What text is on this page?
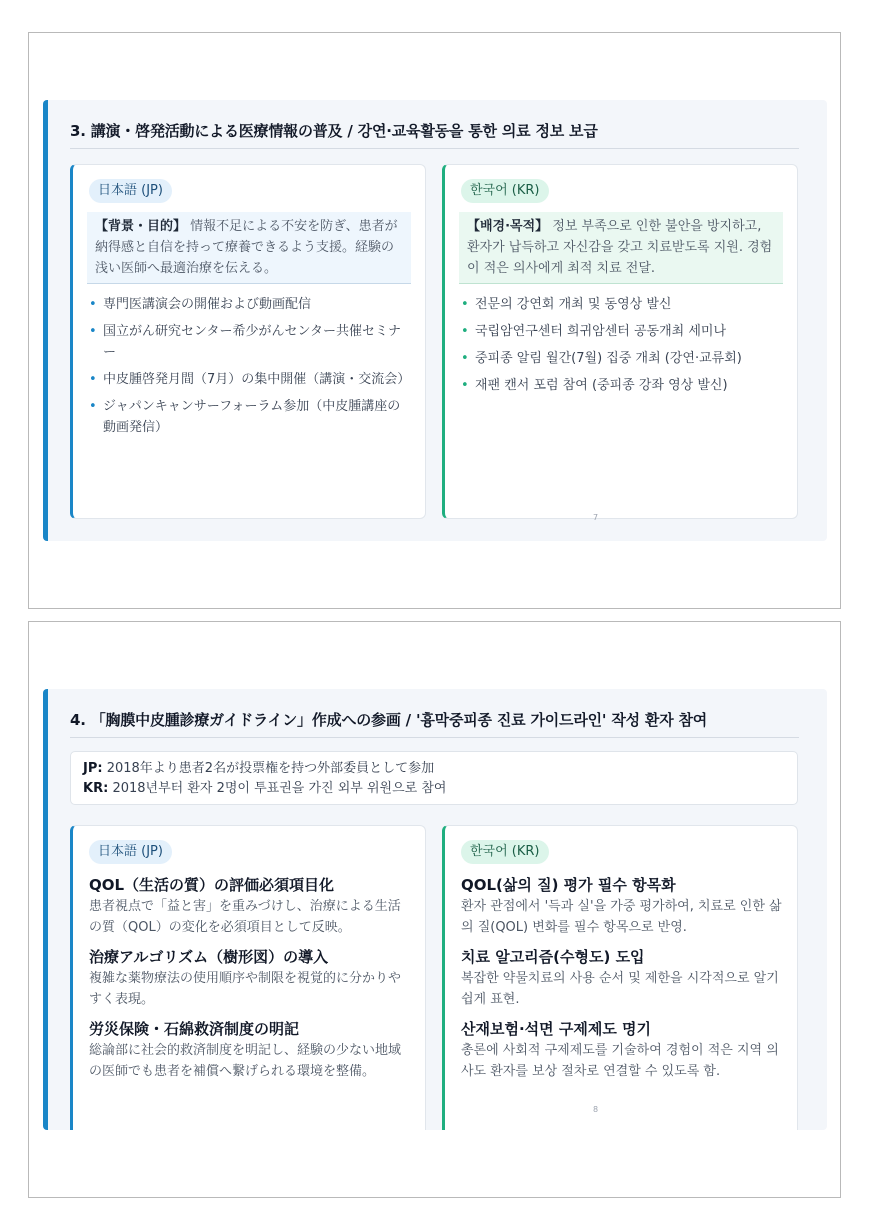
3. 講演・啓発活動による医療情報の普及 / 강연·교육활동을 통한 의료 정보 보급
日本語 (JP)
【背景・目的】 情報不足による不安を防ぎ、患者が納得感と自信を持って療養できるよう支援。経験の浅い医師へ最適治療を伝える。
• 専門医講演会の開催および動画配信
• 国立がん研究センター希少がんセンター共催セミナー
• 中皮腫啓発月間（7月）の集中開催（講演・交流会）
• ジャパンキャンサーフォーラム参加（中皮腫講座の動画発信）
한국어 (KR)
【배경·목적】 정보 부족으로 인한 불안을 방지하고, 환자가 납득하고 자신감을 갖고 치료받도록 지원. 경험이 적은 의사에게 최적 치료 전달.
• 전문의 강연회 개최 및 동영상 발신
• 국립암연구센터 희귀암센터 공동개최 세미나
• 중피종 알림 월간(7월) 집중 개최 (강연·교류회)
• 재팬 캔서 포럼 참여 (중피종 강좌 영상 발신)
7
4. 「胸膜中皮腫診療ガイドライン」作成への参画 / '흉막중피종 진료 가이드라인' 작성 환자 참여
JP: 2018年より患者2名が投票権を持つ外部委員として参加
KR: 2018년부터 환자 2명이 투표권을 가진 외부 위원으로 참여
日本語 (JP)
QOL（生活の質）の評価必須項目化
患者視点で「益と害」を重みづけし、治療による生活の質（QOL）の変化を必須項目として反映。
治療アルゴリズム（樹形図）の導入
複雑な薬物療法の使用順序や制限を視覚的に分かりやすく表現。
労災保険・石綿救済制度の明記
総論部に社会的救済制度を明記し、経験の少ない地域の医師でも患者を補償へ繋げられる環境を整備。
한국어 (KR)
QOL(삶의 질) 평가 필수 항목화
환자 관점에서 '득과 실'을 가중 평가하여, 치료로 인한 삶의 질(QOL) 변화를 필수 항목으로 반영.
치료 알고리즘(수형도) 도입
복잡한 약물치료의 사용 순서 및 제한을 시각적으로 알기 쉽게 표현.
산재보험·석면 구제제도 명기
총론에 사회적 구제제도를 기술하여 경험이 적은 지역 의사도 환자를 보상 절차로 연결할 수 있도록 함.
8
